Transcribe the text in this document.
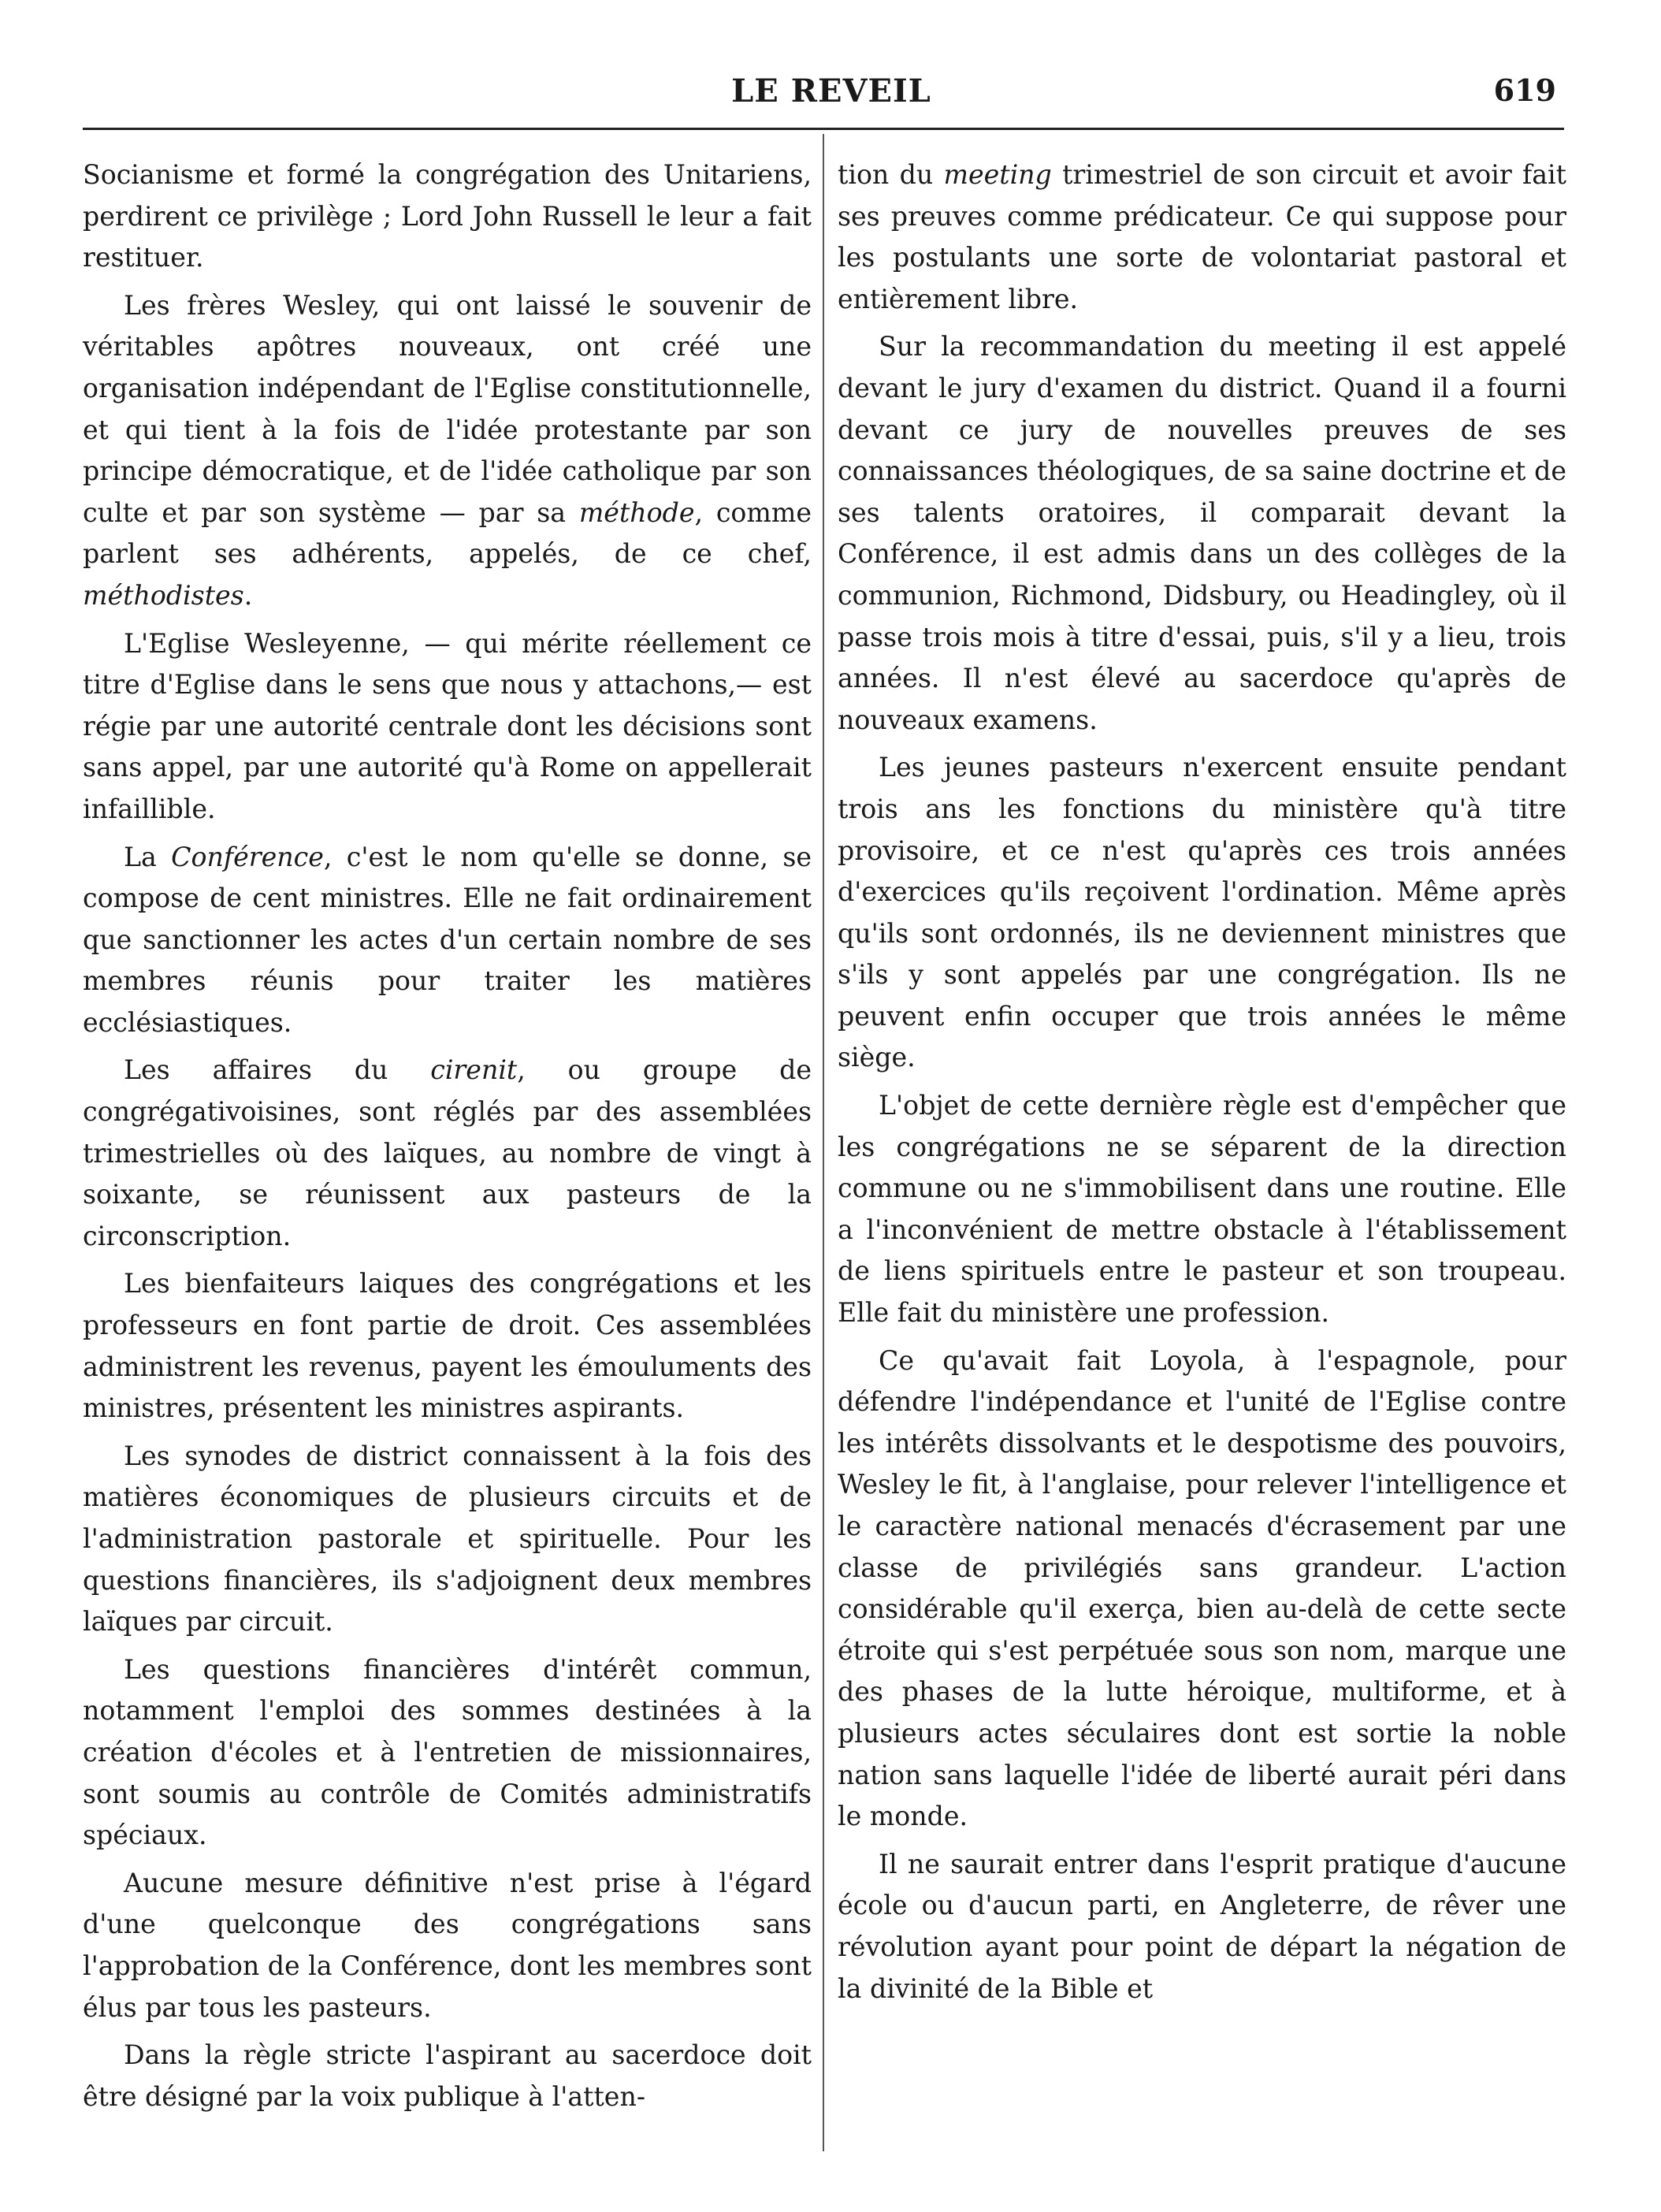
LE REVEIL	619

Socianisme et formé la congrégation des Unitariens, perdirent ce privilège ; Lord John Russell le leur a fait restituer.

Les frères Wesley, qui ont laissé le souvenir de véritables apôtres nouveaux, ont créé une organisation indépendant de l'Eglise constitutionnelle, et qui tient à la fois de l'idée protestante par son principe démocratique, et de l'idée catholique par son culte et par son système — par sa méthode, comme parlent ses adhérents, appelés, de ce chef, méthodistes.

L'Eglise Wesleyenne, — qui mérite réellement ce titre d'Eglise dans le sens que nous y attachons,— est régie par une autorité centrale dont les décisions sont sans appel, par une autorité qu'à Rome on appellerait infaillible.

La Conférence, c'est le nom qu'elle se donne, se compose de cent ministres. Elle ne fait ordinairement que sanctionner les actes d'un certain nombre de ses membres réunis pour traiter les matières ecclésiastiques.

Les affaires du cirenit, ou groupe de congrégativoisines, sont réglés par des assemblées trimestrielles où des laïques, au nombre de vingt à soixante, se réunissent aux pasteurs de la circonscription.

Les bienfaiteurs laiques des congrégations et les professeurs en font partie de droit. Ces assemblées administrent les revenus, payent les émouluments des ministres, présentent les ministres aspirants.

Les synodes de district connaissent à la fois des matières économiques de plusieurs circuits et de l'administration pastorale et spirituelle. Pour les questions financières, ils s'adjoignent deux membres laïques par circuit.

Les questions financières d'intérêt commun, notamment l'emploi des sommes destinées à la création d'écoles et à l'entretien de missionnaires, sont soumis au contrôle de Comités administratifs spéciaux.

Aucune mesure définitive n'est prise à l'égard d'une quelconque des congrégations sans l'approbation de la Conférence, dont les membres sont élus par tous les pasteurs.

Dans la règle stricte l'aspirant au sacerdoce doit être désigné par la voix publique à l'atten-

tion du meeting trimestriel de son circuit et avoir fait ses preuves comme prédicateur. Ce qui suppose pour les postulants une sorte de volontariat pastoral et entièrement libre.

Sur la recommandation du meeting il est appelé devant le jury d'examen du district. Quand il a fourni devant ce jury de nouvelles preuves de ses connaissances théologiques, de sa saine doctrine et de ses talents oratoires, il comparait devant la Conférence, il est admis dans un des collèges de la communion, Richmond, Didsbury, ou Headingley, où il passe trois mois à titre d'essai, puis, s'il y a lieu, trois années. Il n'est élevé au sacerdoce qu'après de nouveaux examens.

Les jeunes pasteurs n'exercent ensuite pendant trois ans les fonctions du ministère qu'à titre provisoire, et ce n'est qu'après ces trois années d'exercices qu'ils reçoivent l'ordination. Même après qu'ils sont ordonnés, ils ne deviennent ministres que s'ils y sont appelés par une congrégation. Ils ne peuvent enfin occuper que trois années le même siège.

L'objet de cette dernière règle est d'empêcher que les congrégations ne se séparent de la direction commune ou ne s'immobilisent dans une routine. Elle a l'inconvénient de mettre obstacle à l'établissement de liens spirituels entre le pasteur et son troupeau. Elle fait du ministère une profession.

Ce qu'avait fait Loyola, à l'espagnole, pour défendre l'indépendance et l'unité de l'Eglise contre les intérêts dissolvants et le despotisme des pouvoirs, Wesley le fit, à l'anglaise, pour relever l'intelligence et le caractère national menacés d'écrasement par une classe de privilégiés sans grandeur. L'action considérable qu'il exerça, bien au-delà de cette secte étroite qui s'est perpétuée sous son nom, marque une des phases de la lutte héroique, multiforme, et à plusieurs actes séculaires dont est sortie la noble nation sans laquelle l'idée de liberté aurait péri dans le monde.

Il ne saurait entrer dans l'esprit pratique d'aucune école ou d'aucun parti, en Angleterre, de rêver une révolution ayant pour point de départ la négation de la divinité de la Bible et
